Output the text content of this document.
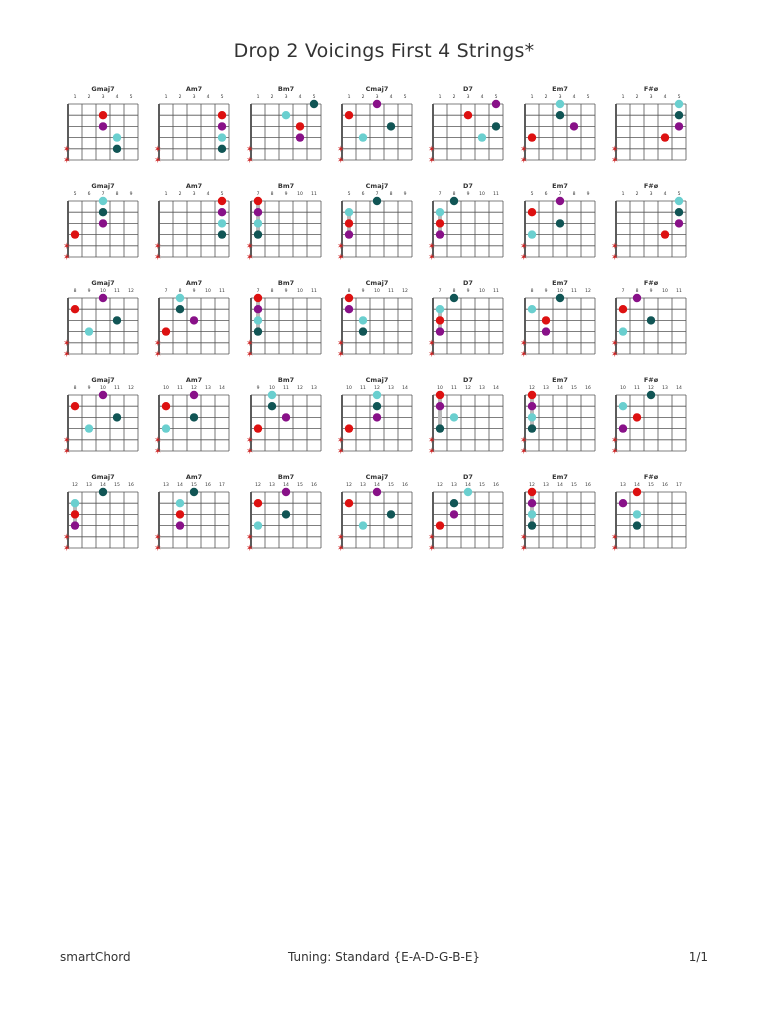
Drop 2 Voicings First 4 Strings*
Gmaj7
1 2 3 4 5
✶
✶
Am7
1 2 3 4 5
✶
✶
Bm7
1 2 3 4 5
✶
✶
Cmaj7
1 2 3 4 5
✶
✶
D7
1 2 3 4 5
✶
✶
Em7
1 2 3 4 5
✶
✶
F#ø
1 2 3 4 5
✶
✶
Gmaj7
5 6 7 8 9
✶
✶
Am7
1 2 3 4 5
✶
✶
Bm7
7 8 9 10 11
✶
✶
Cmaj7
5 6 7 8 9
✶
✶
D7
7 8 9 10 11
✶
✶
Em7
5 6 7 8 9
✶
✶
F#ø
1 2 3 4 5
✶
✶
Gmaj7
8 9 10 11 12
✶
✶
Am7
7 8 9 10 11
✶
✶
Bm7
7 8 9 10 11
✶
✶
Cmaj7
8 9 10 11 12
✶
✶
D7
7 8 9 10 11
✶
✶
Em7
8 9 10 11 12
✶
✶
F#ø
7 8 9 10 11
✶
✶
Gmaj7
8 9 10 11 12
✶
✶
Am7
10 11 12 13 14
✶
✶
Bm7
9 10 11 12 13
✶
✶
Cmaj7
10 11 12 13 14
✶
✶
D7
10 11 12 13 14
✶
✶
Em7
12 13 14 15 16
✶
✶
F#ø
10 11 12 13 14
✶
✶
Gmaj7
12 13 14 15 16
✶
✶
Am7
13 14 15 16 17
✶
✶
Bm7
12 13 14 15 16
✶
✶
Cmaj7
12 13 14 15 16
✶
✶
D7
12 13 14 15 16
✶
✶
Em7
12 13 14 15 16
✶
✶
F#ø
13 14 15 16 17
✶
✶
smartChord	Tuning: Standard {E-A-D-G-B-E}	1/1
